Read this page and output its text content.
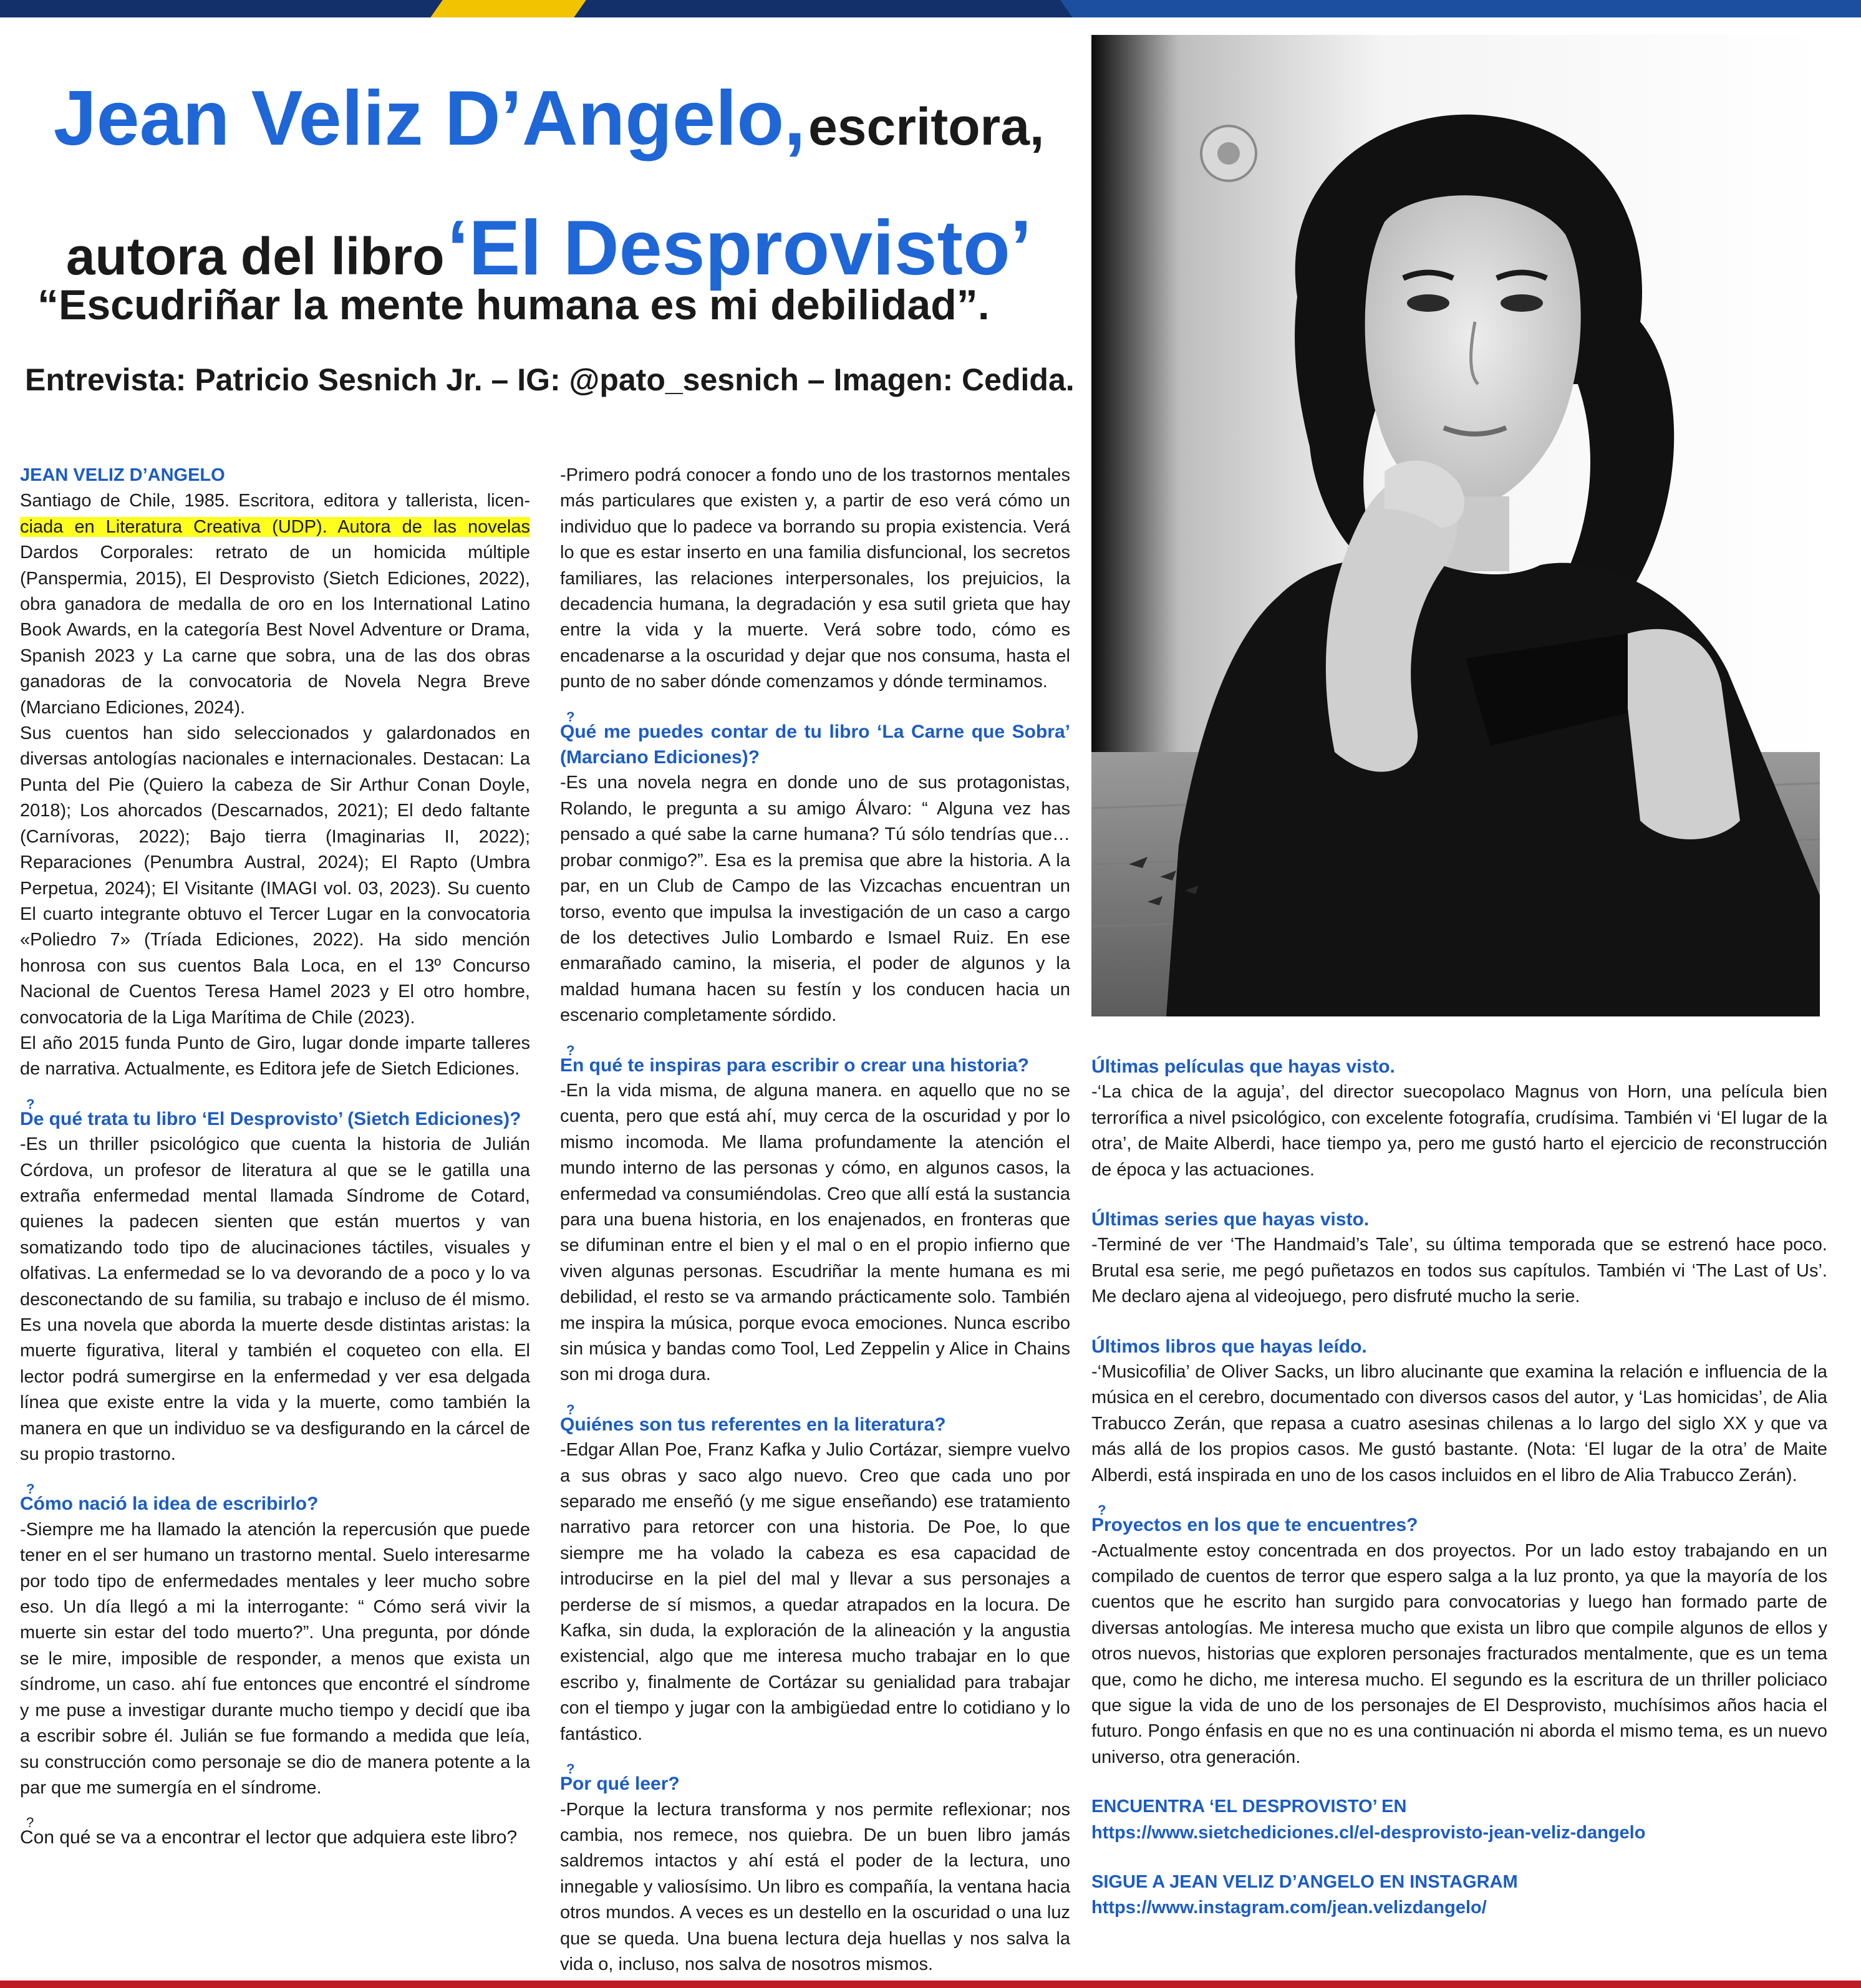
Jean Veliz D’Angelo, escritora,
autora del libro ‘El Desprovisto’
“Escudriñar la mente humana es mi debilidad”.
Entrevista: Patricio Sesnich Jr. – IG: @pato_sesnich – Imagen: Cedida.

JEAN VELIZ D’ANGELO

Santiago de Chile, 1985. Escritora, editora y tallerista, licen- ciada en Literatura Creativa (UDP). Autora de las novelas Dardos Corporales: retrato de un homicida múltiple (Panspermia, 2015), El Desprovisto (Sietch Ediciones, 2022), obra ganadora de medalla de oro en los International Latino Book Awards, en la categoría Best Novel Adventure or Drama, Spanish 2023 y La carne que sobra, una de las dos obras ganadoras de la convocatoria de Novela Negra Breve (Marciano Ediciones, 2024).

Sus cuentos han sido seleccionados y galardonados en diversas antologías nacionales e internacionales. Destacan: La Punta del Pie (Quiero la cabeza de Sir Arthur Conan Doyle, 2018); Los ahorcados (Descarnados, 2021); El dedo faltante (Carnívoras, 2022); Bajo tierra (Imaginarias II, 2022); Reparaciones (Penumbra Austral, 2024); El Rapto (Umbra Perpetua, 2024); El Visitante (IMAGI vol. 03, 2023). Su cuento El cuarto integrante obtuvo el Tercer Lugar en la convocatoria «Poliedro 7» (Tríada Ediciones, 2022). Ha sido mención honrosa con sus cuentos Bala Loca, en el 13º Concurso Nacional de Cuentos Teresa Hamel 2023 y El otro hombre, convocatoria de la Liga Marítima de Chile (2023).

El año 2015 funda Punto de Giro, lugar donde imparte talleres de narrativa. Actualmente, es Editora jefe de Sietch Ediciones.

?
De qué trata tu libro ‘El Desprovisto’ (Sietch Ediciones)?

-Es un thriller psicológico que cuenta la historia de Julián Córdova, un profesor de literatura al que se le gatilla una extraña enfermedad mental llamada Síndrome de Cotard, quienes la padecen sienten que están muertos y van somatizando todo tipo de alucinaciones táctiles, visuales y olfativas. La enfermedad se lo va devorando de a poco y lo va desconectando de su familia, su trabajo e incluso de él mismo. Es una novela que aborda la muerte desde distintas aristas: la muerte figurativa, literal y también el coqueteo con ella. El lector podrá sumergirse en la enfermedad y ver esa delgada línea que existe entre la vida y la muerte, como también la manera en que un individuo se va desfigurando en la cárcel de su propio trastorno.

?
Cómo nació la idea de escribirlo?

-Siempre me ha llamado la atención la repercusión que puede tener en el ser humano un trastorno mental. Suelo interesarme por todo tipo de enfermedades mentales y leer mucho sobre eso. Un día llegó a mi la interrogante: “ Cómo será vivir la muerte sin estar del todo muerto?”. Una pregunta, por dónde se le mire, imposible de responder, a menos que exista un síndrome, un caso. ahí fue entonces que encontré el síndrome y me puse a investigar durante mucho tiempo y decidí que iba a escribir sobre él. Julián se fue formando a medida que leía, su construcción como personaje se dio de manera potente a la par que me sumergía en el síndrome.

?
Con qué se va a encontrar el lector que adquiera este libro?

-Primero podrá conocer a fondo uno de los trastornos mentales más particulares que existen y, a partir de eso verá cómo un individuo que lo padece va borrando su propia existencia. Verá lo que es estar inserto en una familia disfuncional, los secretos familiares, las relaciones interpersonales, los prejuicios, la decadencia humana, la degradación y esa sutil grieta que hay entre la vida y la muerte. Verá sobre todo, cómo es encadenarse a la oscuridad y dejar que nos consuma, hasta el punto de no saber dónde comenzamos y dónde terminamos.

?
Qué me puedes contar de tu libro ‘La Carne que Sobra’ (Marciano Ediciones)?

-Es una novela negra en donde uno de sus protagonistas, Rolando, le pregunta a su amigo Álvaro: “ Alguna vez has pensado a qué sabe la carne humana? Tú sólo tendrías que… probar conmigo?”. Esa es la premisa que abre la historia. A la par, en un Club de Campo de las Vizcachas encuentran un torso, evento que impulsa la investigación de un caso a cargo de los detectives Julio Lombardo e Ismael Ruiz. En ese enmarañado camino, la miseria, el poder de algunos y la maldad humana hacen su festín y los conducen hacia un escenario completamente sórdido.

?
En qué te inspiras para escribir o crear una historia?

-En la vida misma, de alguna manera. en aquello que no se cuenta, pero que está ahí, muy cerca de la oscuridad y por lo mismo incomoda. Me llama profundamente la atención el mundo interno de las personas y cómo, en algunos casos, la enfermedad va consumiéndolas. Creo que allí está la sustancia para una buena historia, en los enajenados, en fronteras que se difuminan entre el bien y el mal o en el propio infierno que viven algunas personas. Escudriñar la mente humana es mi debilidad, el resto se va armando prácticamente solo. También me inspira la música, porque evoca emociones. Nunca escribo sin música y bandas como Tool, Led Zeppelin y Alice in Chains son mi droga dura.

?
Quiénes son tus referentes en la literatura?

-Edgar Allan Poe, Franz Kafka y Julio Cortázar, siempre vuelvo a sus obras y saco algo nuevo. Creo que cada uno por separado me enseñó (y me sigue enseñando) ese tratamiento narrativo para retorcer con una historia. De Poe, lo que siempre me ha volado la cabeza es esa capacidad de introducirse en la piel del mal y llevar a sus personajes a perderse de sí mismos, a quedar atrapados en la locura. De Kafka, sin duda, la exploración de la alineación y la angustia existencial, algo que me interesa mucho trabajar en lo que escribo y, finalmente de Cortázar su genialidad para trabajar con el tiempo y jugar con la ambigüedad entre lo cotidiano y lo fantástico.

?
Por qué leer?

-Porque la lectura transforma y nos permite reflexionar; nos cambia, nos remece, nos quiebra. De un buen libro jamás saldremos intactos y ahí está el poder de la lectura, uno innegable y valiosísimo. Un libro es compañía, la ventana hacia otros mundos. A veces es un destello en la oscuridad o una luz que se queda. Una buena lectura deja huellas y nos salva la vida o, incluso, nos salva de nosotros mismos.

Últimas películas que hayas visto.

-‘La chica de la aguja’, del director suecopolaco Magnus von Horn, una película bien terrorífica a nivel psicológico, con excelente fotografía, crudísima. También vi ‘El lugar de la otra’, de Maite Alberdi, hace tiempo ya, pero me gustó harto el ejercicio de reconstrucción de época y las actuaciones.

Últimas series que hayas visto.

-Terminé de ver ‘The Handmaid’s Tale’, su última temporada que se estrenó hace poco. Brutal esa serie, me pegó puñetazos en todos sus capítulos. También vi ‘The Last of Us’. Me declaro ajena al videojuego, pero disfruté mucho la serie.

Últimos libros que hayas leído.

-‘Musicofilia’ de Oliver Sacks, un libro alucinante que examina la relación e influencia de la música en el cerebro, documentado con diversos casos del autor, y ‘Las homicidas’, de Alia Trabucco Zerán, que repasa a cuatro asesinas chilenas a lo largo del siglo XX y que va más allá de los propios casos. Me gustó bastante. (Nota: ‘El lugar de la otra’ de Maite Alberdi, está inspirada en uno de los casos incluidos en el libro de Alia Trabucco Zerán).

?
Proyectos en los que te encuentres?

-Actualmente estoy concentrada en dos proyectos. Por un lado estoy trabajando en un compilado de cuentos de terror que espero salga a la luz pronto, ya que la mayoría de los cuentos que he escrito han surgido para convocatorias y luego han formado parte de diversas antologías. Me interesa mucho que exista un libro que compile algunos de ellos y otros nuevos, historias que exploren personajes fracturados mentalmente, que es un tema que, como he dicho, me interesa mucho. El segundo es la escritura de un thriller policiaco que sigue la vida de uno de los personajes de El Desprovisto, muchísimos años hacia el futuro. Pongo énfasis en que no es una continuación ni aborda el mismo tema, es un nuevo universo, otra generación.

ENCUENTRA ‘EL DESPROVISTO’ EN

https://www.sietchediciones.cl/el-desprovisto-jean-veliz-dangelo

SIGUE A JEAN VELIZ D’ANGELO EN INSTAGRAM

https://www.instagram.com/jean.velizdangelo/
